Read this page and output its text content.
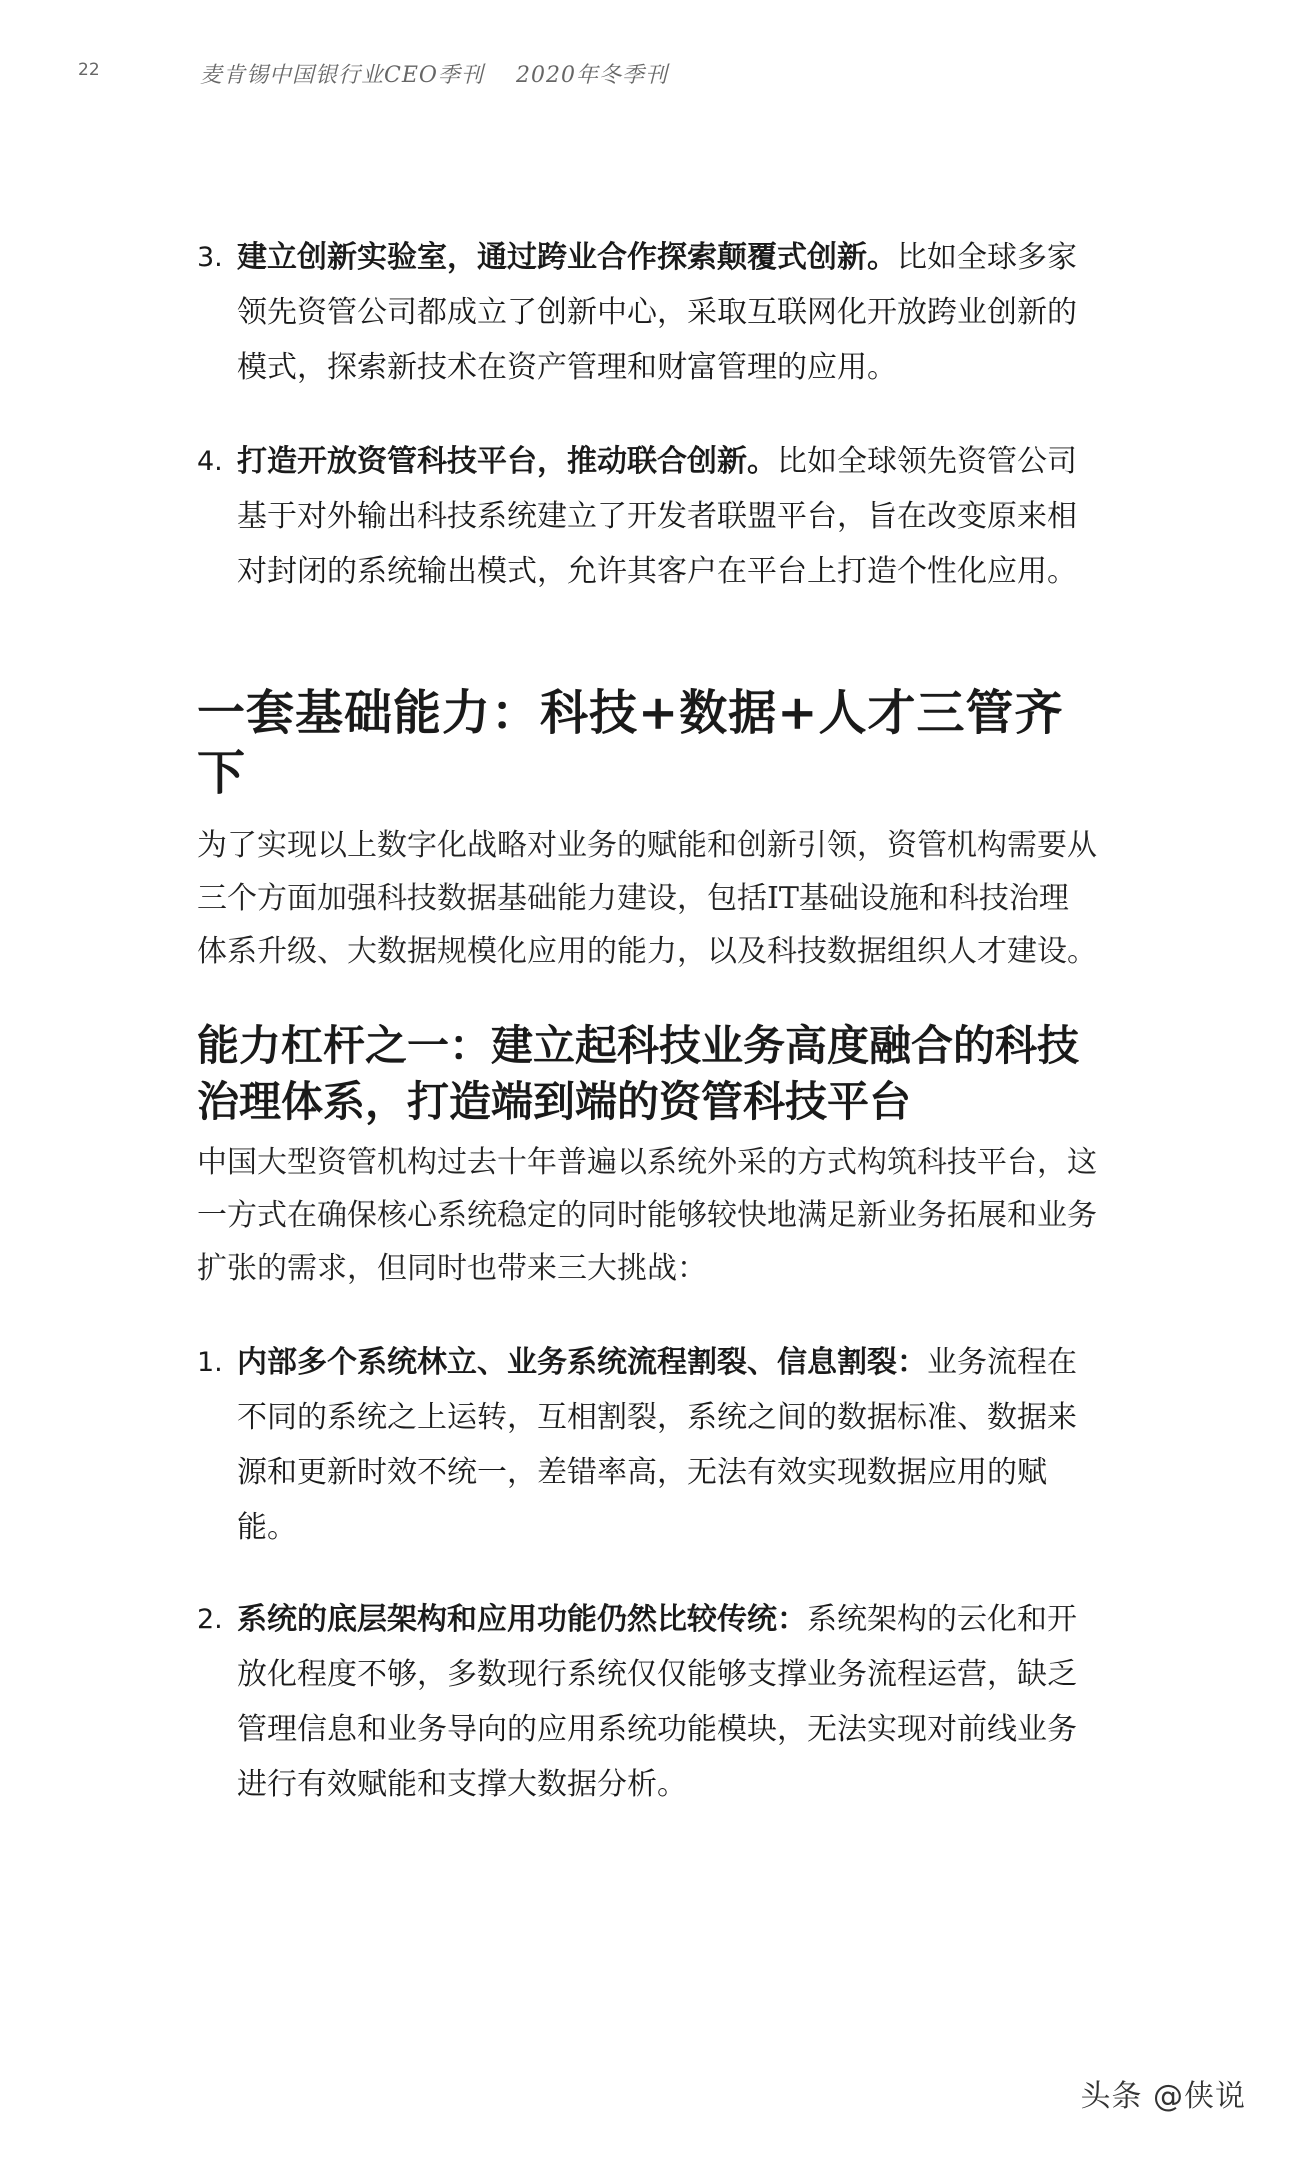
22	麦肯锡中国银行业CEO季刊 2020年冬季刊

3. 建立创新实验室，通过跨业合作探索颠覆式创新。比如全球多家领先资管公司都成立了创新中心，采取互联网化开放跨业创新的模式，探索新技术在资产管理和财富管理的应用。

4. 打造开放资管科技平台，推动联合创新。比如全球领先资管公司基于对外输出科技系统建立了开发者联盟平台，旨在改变原来相对封闭的系统输出模式，允许其客户在平台上打造个性化应用。

一套基础能力：科技+数据+人才三管齐下

为了实现以上数字化战略对业务的赋能和创新引领，资管机构需要从三个方面加强科技数据基础能力建设，包括IT基础设施和科技治理体系升级、大数据规模化应用的能力，以及科技数据组织人才建设。

能力杠杆之一：建立起科技业务高度融合的科技治理体系，打造端到端的资管科技平台

中国大型资管机构过去十年普遍以系统外采的方式构筑科技平台，这一方式在确保核心系统稳定的同时能够较快地满足新业务拓展和业务扩张的需求，但同时也带来三大挑战：

1. 内部多个系统林立、业务系统流程割裂、信息割裂：业务流程在不同的系统之上运转，互相割裂，系统之间的数据标准、数据来源和更新时效不统一，差错率高，无法有效实现数据应用的赋能。

2. 系统的底层架构和应用功能仍然比较传统：系统架构的云化和开放化程度不够，多数现行系统仅仅能够支撑业务流程运营，缺乏管理信息和业务导向的应用系统功能模块，无法实现对前线业务进行有效赋能和支撑大数据分析。

头条 @侠说
